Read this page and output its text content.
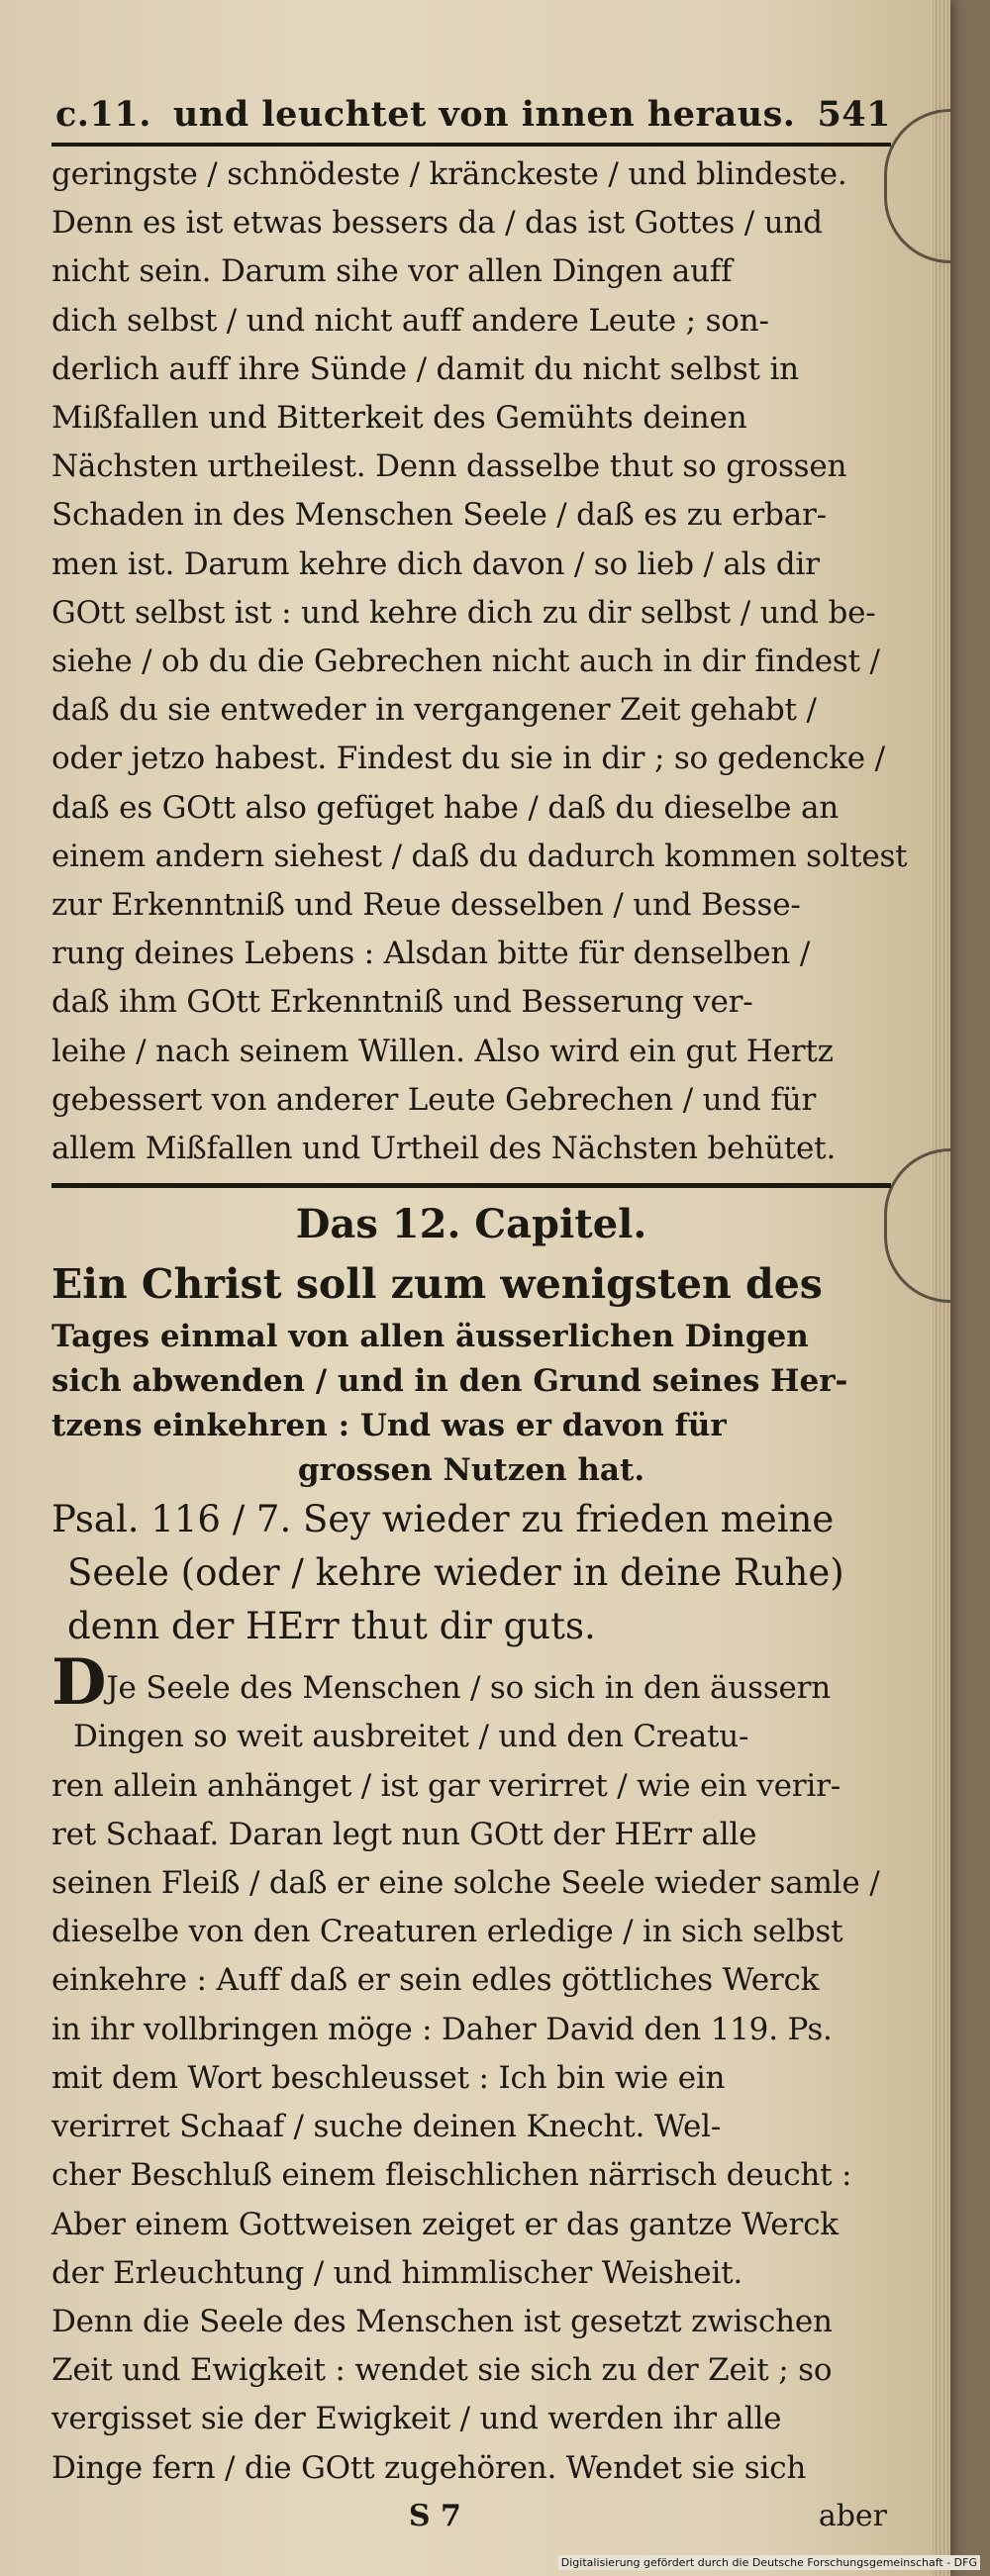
c.11. und leuchtet von innen heraus. 541
geringste / schnödeste / kränckeste / und blindeste.
Denn es ist etwas bessers da / das ist Gottes / und
nicht sein. Darum sihe vor allen Dingen auff
dich selbst / und nicht auff andere Leute ; son-
derlich auff ihre Sünde / damit du nicht selbst in
Mißfallen und Bitterkeit des Gemühts deinen
Nächsten urtheilest. Denn dasselbe thut so grossen
Schaden in des Menschen Seele / daß es zu erbar-
men ist. Darum kehre dich davon / so lieb / als dir
GOtt selbst ist : und kehre dich zu dir selbst / und be-
siehe / ob du die Gebrechen nicht auch in dir findest /
daß du sie entweder in vergangener Zeit gehabt /
oder jetzo habest. Findest du sie in dir ; so gedencke /
daß es GOtt also gefüget habe / daß du dieselbe an
einem andern siehest / daß du dadurch kommen soltest
zur Erkenntniß und Reue desselben / und Besse-
rung deines Lebens : Alsdan bitte für denselben /
daß ihm GOtt Erkenntniß und Besserung ver-
leihe / nach seinem Willen. Also wird ein gut Hertz
gebessert von anderer Leute Gebrechen / und für
allem Mißfallen und Urtheil des Nächsten behütet.
Das 12. Capitel.
Ein Christ soll zum wenigsten des
Tages einmal von allen äusserlichen Dingen
sich abwenden / und in den Grund seines Her-
tzens einkehren : Und was er davon für
grossen Nutzen hat.
Psal. 116 / 7. Sey wieder zu frieden meine
Seele (oder / kehre wieder in deine Ruhe)
denn der HErr thut dir guts.
DJe Seele des Menschen / so sich in den äussern
Dingen so weit ausbreitet / und den Creatu-
ren allein anhänget / ist gar verirret / wie ein verir-
ret Schaaf. Daran legt nun GOtt der HErr alle
seinen Fleiß / daß er eine solche Seele wieder samle /
dieselbe von den Creaturen erledige / in sich selbst
einkehre : Auff daß er sein edles göttliches Werck
in ihr vollbringen möge : Daher David den 119. Ps.
mit dem Wort beschleusset : Ich bin wie ein
verirret Schaaf / suche deinen Knecht. Wel-
cher Beschluß einem fleischlichen närrisch deucht :
Aber einem Gottweisen zeiget er das gantze Werck
der Erleuchtung / und himmlischer Weisheit.
Denn die Seele des Menschen ist gesetzt zwischen
Zeit und Ewigkeit : wendet sie sich zu der Zeit ; so
vergisset sie der Ewigkeit / und werden ihr alle
Dinge fern / die GOtt zugehören. Wendet sie sich
S 7	aber
Digitalisierung gefördert durch die Deutsche Forschungsgemeinschaft - DFG
